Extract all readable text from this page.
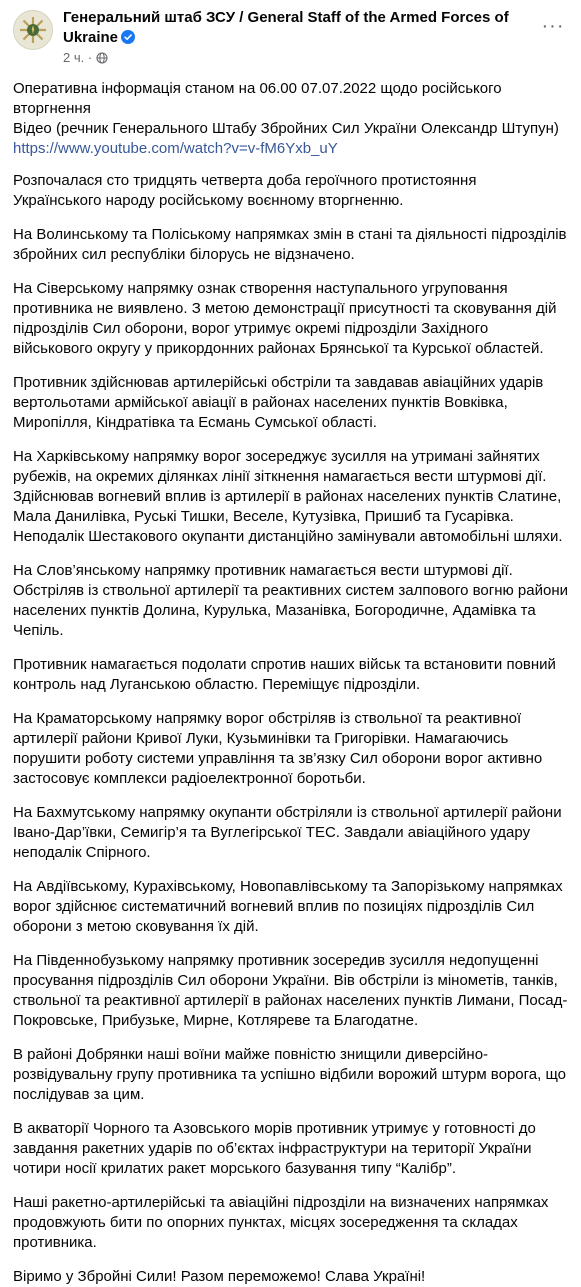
Генеральний штаб ЗСУ / General Staff of the Armed Forces of Ukraine
2 ч. ·
···

Оперативна інформація станом на 06.00 07.07.2022 щодо російського вторгнення
Відео (речник Генерального Штабу Збройних Сил України Олександр Штупун)
https://www.youtube.com/watch?v=v-fM6Yxb_uY

Розпочалася сто тридцять четверта доба героїчного протистояння Українського народу російському воєнному вторгненню.

На Волинському та Поліському напрямках змін в стані та діяльності підрозділів збройних сил республіки білорусь не відзначено.

На Сіверському напрямку ознак створення наступального угруповання противника не виявлено. З метою демонстрації присутності та сковування дій підрозділів Сил оборони, ворог утримує окремі підрозділи Західного військового округу у прикордонних районах Брянської та Курської областей.

Противник здійснював артилерійські обстріли та завдавав авіаційних ударів вертольотами армійської авіації в районах населених пунктів Вовківка, Миропілля, Кіндратівка та Есмань Сумської області.

На Харківському напрямку ворог зосереджує зусилля на утримані зайнятих рубежів, на окремих ділянках лінії зіткнення намагається вести штурмові дії. Здійснював вогневий вплив із артилерії в районах населених пунктів Слатине, Мала Данилівка, Руські Тишки, Веселе, Кутузівка, Пришиб та Гусарівка. Неподалік Шестакового окупанти дистанційно замінували автомобільні шляхи.

На Слов’янському напрямку противник намагається вести штурмові дії. Обстріляв із ствольної артилерії та реактивних систем залпового вогню райони населених пунктів Долина, Курулька, Мазанівка, Богородичне, Адамівка та Чепіль.

Противник намагається подолати спротив наших військ та встановити повний контроль над Луганською областю. Переміщує підрозділи.

На Краматорському напрямку ворог обстріляв із ствольної та реактивної артилерії райони Кривої Луки, Кузьминівки та Григорівки. Намагаючись порушити роботу системи управління та зв’язку Сил оборони ворог активно застосовує комплекси радіоелектронної боротьби.

На Бахмутському напрямку окупанти обстріляли із ствольної артилерії райони Івано-Дар’ївки, Семигір’я та Вуглегірської ТЕС. Завдали авіаційного удару неподалік Спірного.

На Авдіївському, Курахівському, Новопавлівському та Запорізькому напрямках ворог здійснює систематичний вогневий вплив по позиціях підрозділів Сил оборони з метою сковування їх дій.

На Південнобузькому напрямку противник зосередив зусилля недопущенні просування підрозділів Сил оборони України. Вів обстріли із мінометів, танків, ствольної та реактивної артилерії в районах населених пунктів Лимани, Посад-Покровське, Прибузьке, Мирне, Котляреве та Благодатне.

В районі Добрянки наші воїни майже повністю знищили диверсійно-розвідувальну групу противника та успішно відбили ворожий штурм ворога, що послідував за цим.

В акваторії Чорного та Азовського морів противник утримує у готовності до завдання ракетних ударів по об’єктах інфраструктури на території України чотири носії крилатих ракет морського базування типу “Калібр”.

Наші ракетно-артилерійські та авіаційні підрозділи на визначених напрямках продовжують бити по опорних пунктах, місцях зосередження та складах противника.

Віримо у Збройні Сили! Разом переможемо! Слава Україні!
